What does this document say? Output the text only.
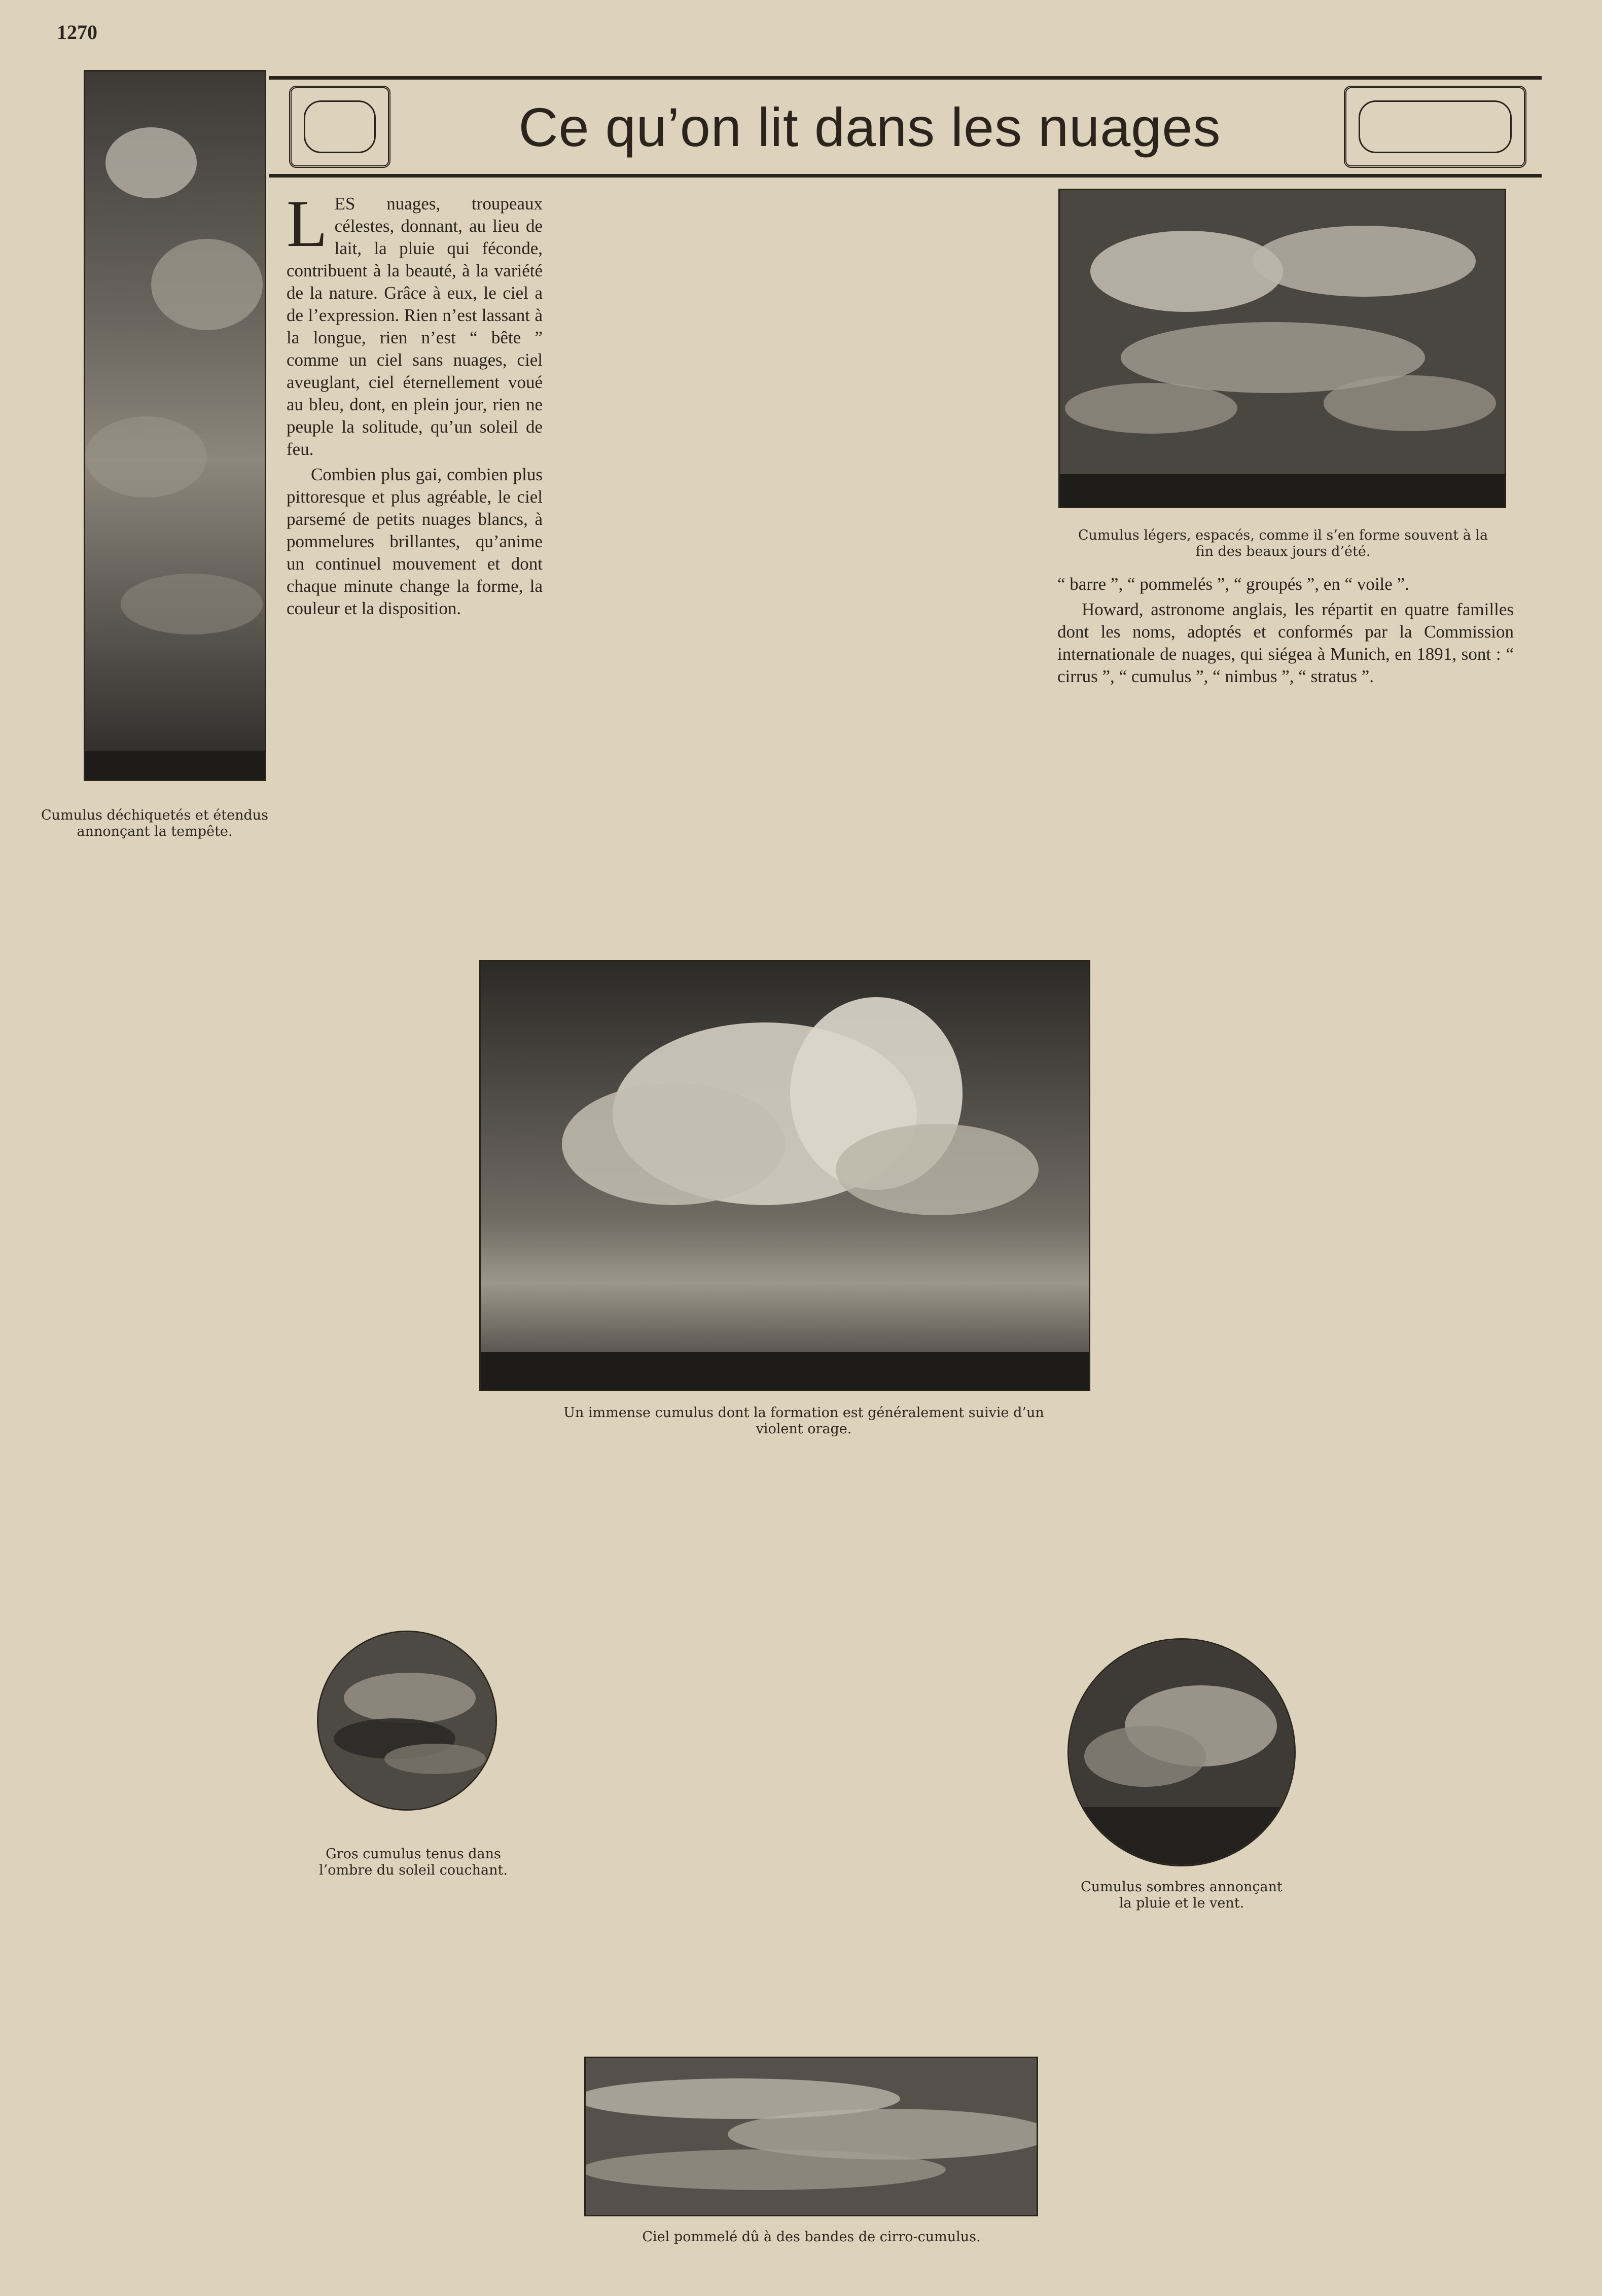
1270
Ce qu’on lit dans les nuages
Cumulus déchiquetés et étendus annonçant la tempête.
Cumulus légers, espacés, comme il s’en forme souvent à la fin des beaux jours d’été.
Un immense cumulus dont la formation est généralement suivie d’un violent orage.
Gros cumulus tenus dans l’ombre du soleil couchant.
Cumulus sombres annonçant la pluie et le vent.
Ciel pommelé dû à des bandes de cirro-cumulus.

LES nuages, troupeaux célestes, donnant, au lieu de lait, la pluie qui féconde, contribuent à la beauté, à la variété de la nature. Grâce à eux, le ciel a de l’expression. Rien n’est lassant à la longue, rien n’est “ bête ” comme un ciel sans nuages, ciel aveuglant, ciel éternellement voué au bleu, dont, en plein jour, rien ne peuple la solitude, qu’un soleil de feu.

Combien plus gai, combien plus pittoresque et plus agréable, le ciel parsemé de petits nuages blancs, à pommelures brillantes, qu’anime un continuel mouvement et dont chaque minute change la forme, la couleur et la disposition.

“ barre ”, “ pommelés ”, “ groupés ”, en “ voile ”.

Howard, astronome anglais, les répartit en quatre familles dont les noms, adoptés et conformés par la Commission internationale de nuages, qui siégea à Munich, en 1891, sont : “ cirrus ”, “ cumulus ”, “ nimbus ”, “ stratus ”.
